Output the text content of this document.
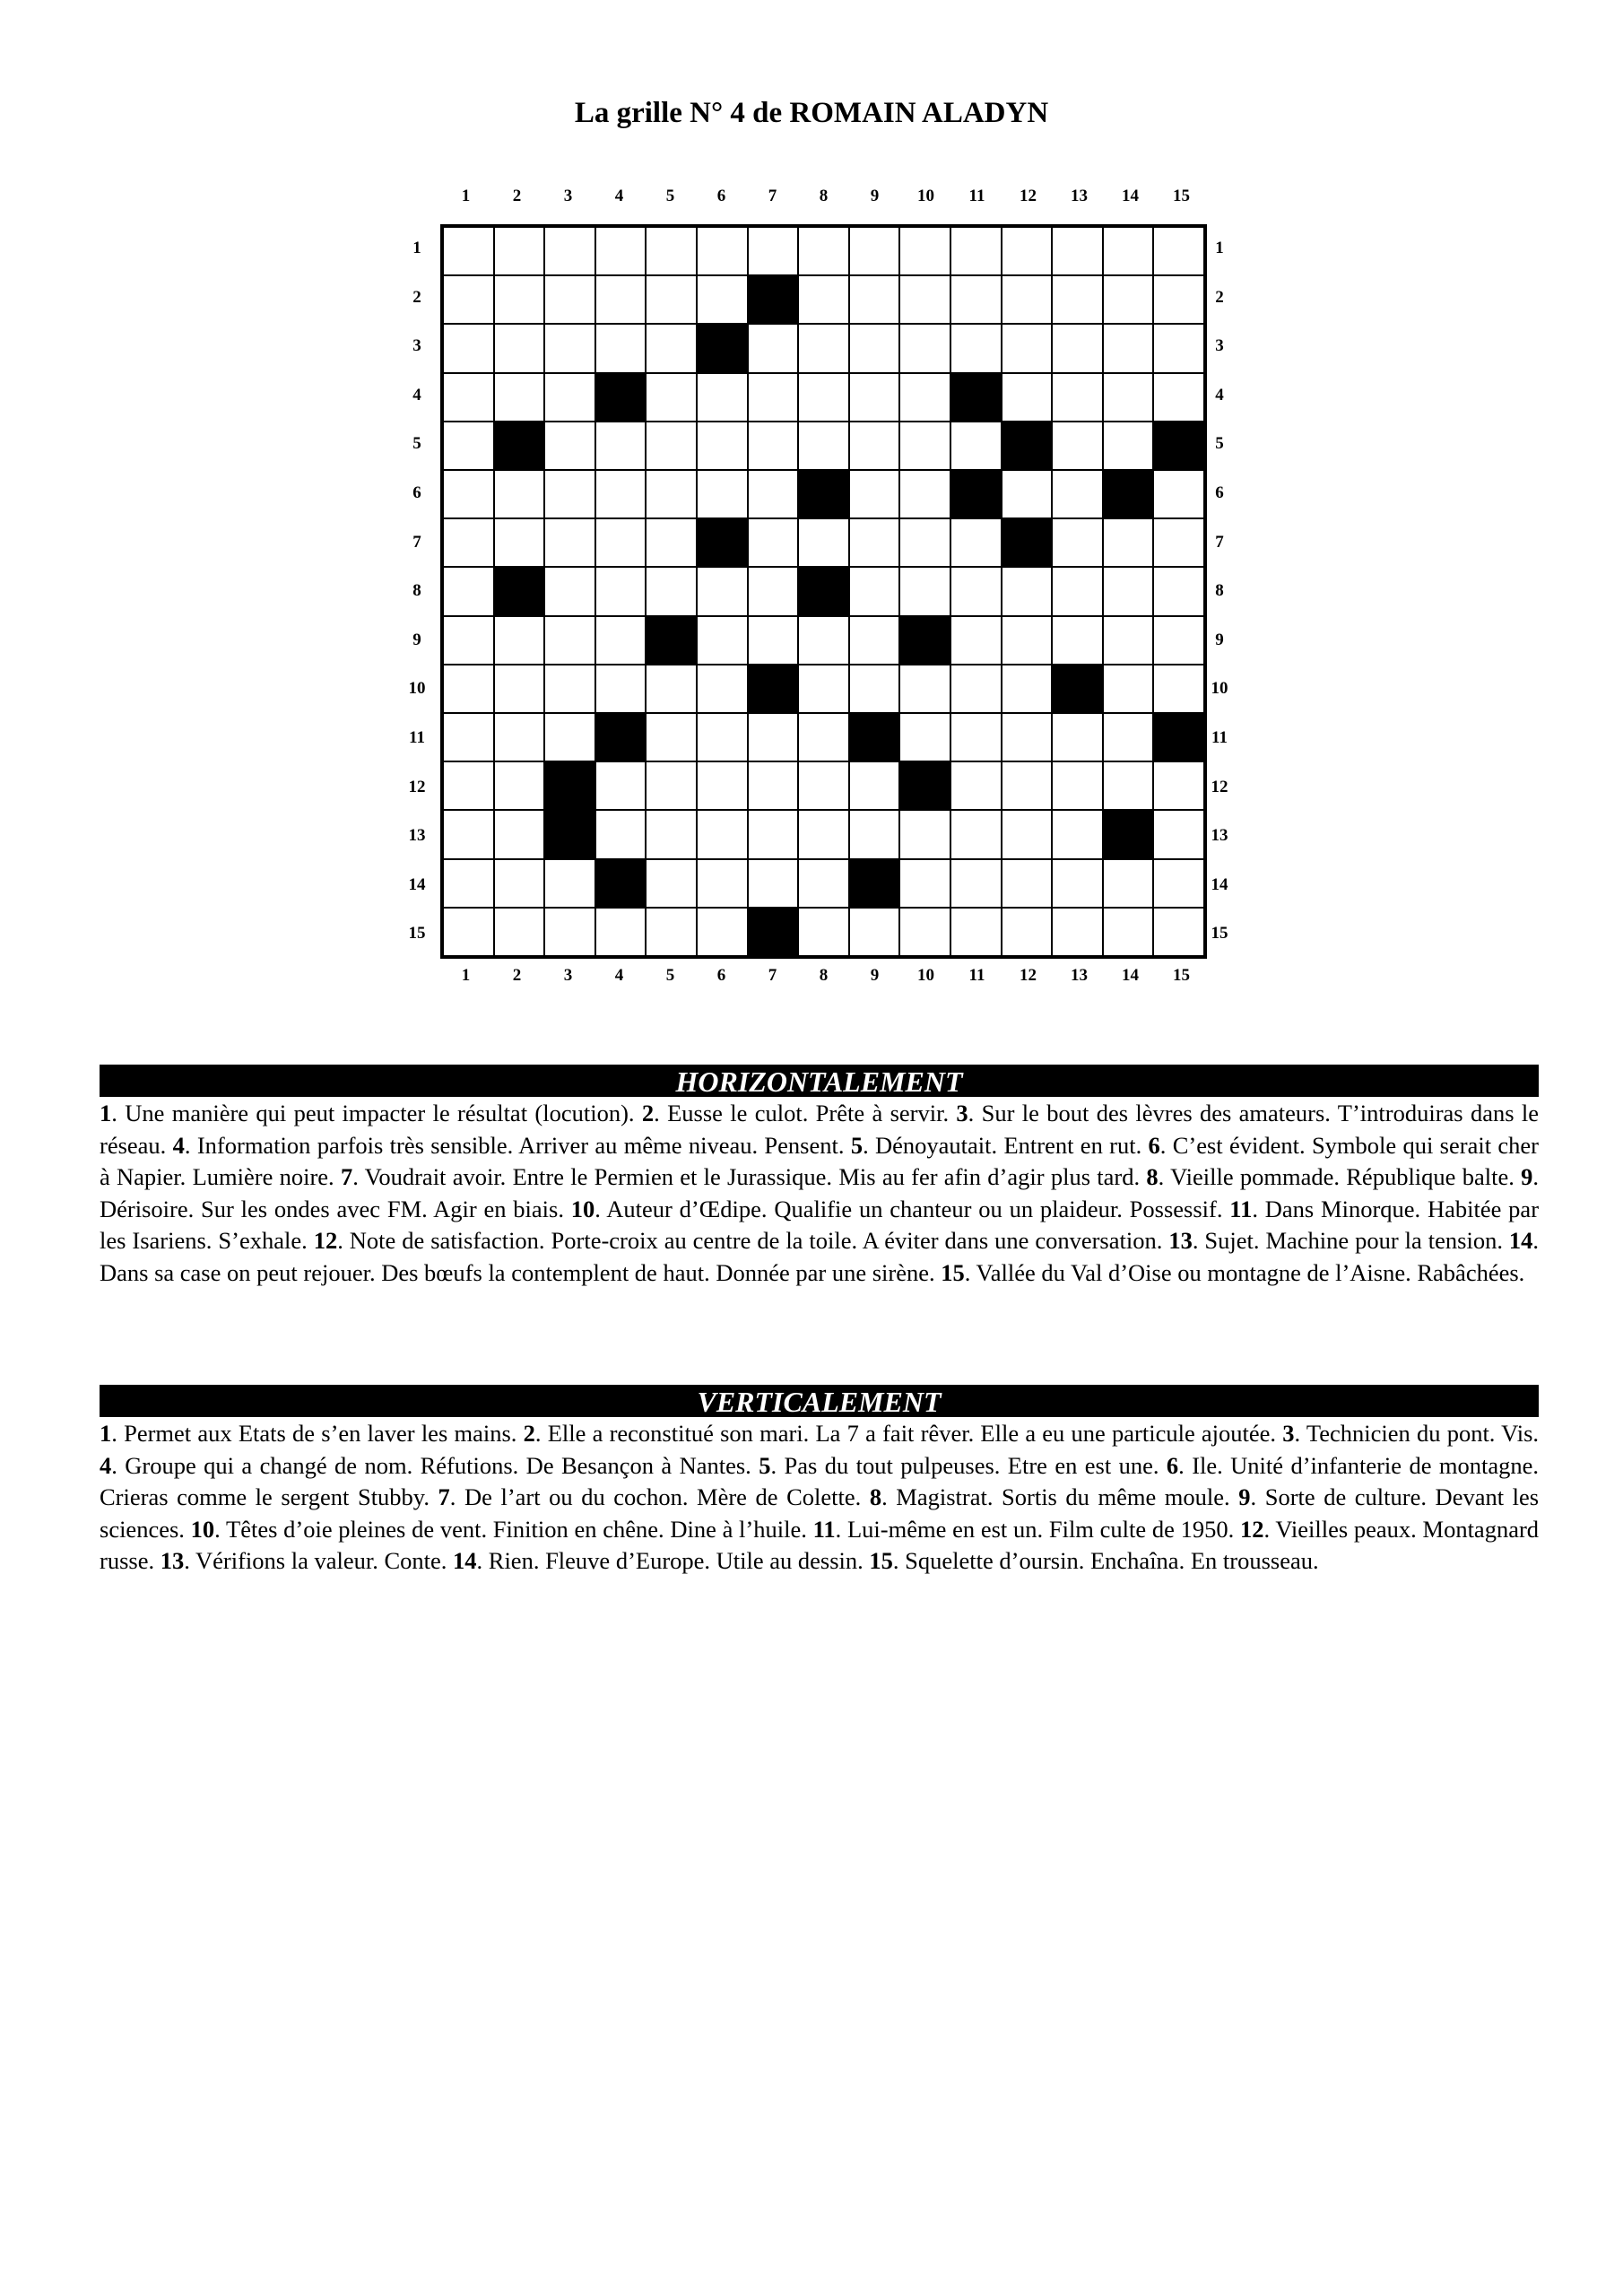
La grille N° 4 de ROMAIN ALADYN
1	2	3	4	5	6	7	8	9	10	11	12	13	14	15
1
2
3
4
5
6
7
8
9
10
11
12
13
14
15
1
2
3
4
5
6
7
8
9
10
11
12
13
14
15
1	2	3	4	5	6	7	8	9	10	11	12	13	14	15
HORIZONTALEMENT
1. Une manière qui peut impacter le résultat (locution). 2. Eusse le culot. Prête à servir. 3. Sur le bout des lèvres des amateurs. T’introduiras dans le réseau. 4. Information parfois très sensible. Arriver au même niveau. Pensent. 5. Dénoyautait. Entrent en rut. 6. C’est évident. Symbole qui serait cher à Napier. Lumière noire. 7. Voudrait avoir. Entre le Permien et le Jurassique. Mis au fer afin d’agir plus tard. 8. Vieille pommade. République balte. 9. Dérisoire. Sur les ondes avec FM. Agir en biais. 10. Auteur d’Œdipe. Qualifie un chanteur ou un plaideur. Possessif. 11. Dans Minorque. Habitée par les Isariens. S’exhale. 12. Note de satisfaction. Porte-croix au centre de la toile. A éviter dans une conversation. 13. Sujet. Machine pour la tension. 14. Dans sa case on peut rejouer. Des bœufs la contemplent de haut. Donnée par une sirène. 15. Vallée du Val d’Oise ou montagne de l’Aisne. Rabâchées.
VERTICALEMENT
1. Permet aux Etats de s’en laver les mains. 2. Elle a reconstitué son mari. La 7 a fait rêver. Elle a eu une particule ajoutée. 3. Technicien du pont. Vis. 4. Groupe qui a changé de nom. Réfutions. De Besançon à Nantes. 5. Pas du tout pulpeuses. Etre en est une. 6. Ile. Unité d’infanterie de montagne. Crieras comme le sergent Stubby. 7. De l’art ou du cochon. Mère de Colette. 8. Magistrat. Sortis du même moule. 9. Sorte de culture. Devant les sciences. 10. Têtes d’oie pleines de vent. Finition en chêne. Dine à l’huile. 11. Lui-même en est un. Film culte de 1950. 12. Vieilles peaux. Montagnard russe. 13. Vérifions la valeur. Conte. 14. Rien. Fleuve d’Europe. Utile au dessin. 15. Squelette d’oursin. Enchaîna. En trousseau.
